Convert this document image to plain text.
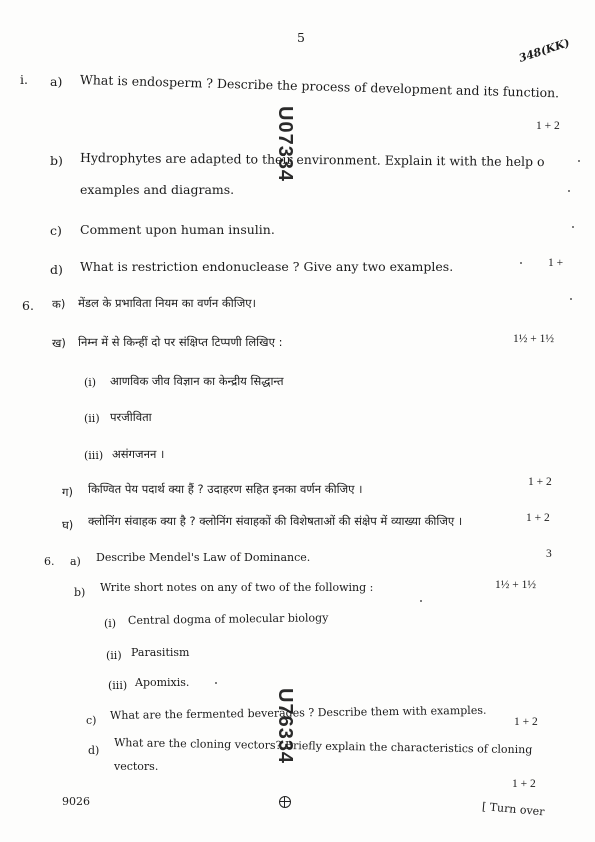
5	348(KK)
U07334
U76334
i. a) What is endosperm ? Describe the process of development and its function.
1 + 2
b) Hydrophytes are adapted to their environment. Explain it with the help o
examples and diagrams.
c) Comment upon human insulin.
d) What is restriction endonuclease ? Give any two examples.	1 +
6. क) मेंडल के प्रभाविता नियम का वर्णन कीजिए।
ख) निम्न में से किन्हीं दो पर संक्षिप्त टिप्पणी लिखिए :	1½ + 1½
(i) आणविक जीव विज्ञान का केन्द्रीय सिद्धान्त
(ii) परजीविता
(iii) असंगजनन ।
ग) किण्वित पेय पदार्थ क्या हैं ? उदाहरण सहित इनका वर्णन कीजिए ।	1 + 2
घ) क्लोनिंग संवाहक क्या है ? क्लोनिंग संवाहकों की विशेषताओं की संक्षेप में व्याख्या कीजिए ।	1 + 2
6. a) Describe Mendel's Law of Dominance.	3
b) Write short notes on any of two of the following :	1½ + 1½
(i) Central dogma of molecular biology
(ii) Parasitism
(iii) Apomixis.
c) What are the fermented beverages ? Describe them with examples.
1 + 2
d) What are the cloning vectors? Briefly explain the characteristics of cloning
vectors.
1 + 2
9026	[ Turn over
